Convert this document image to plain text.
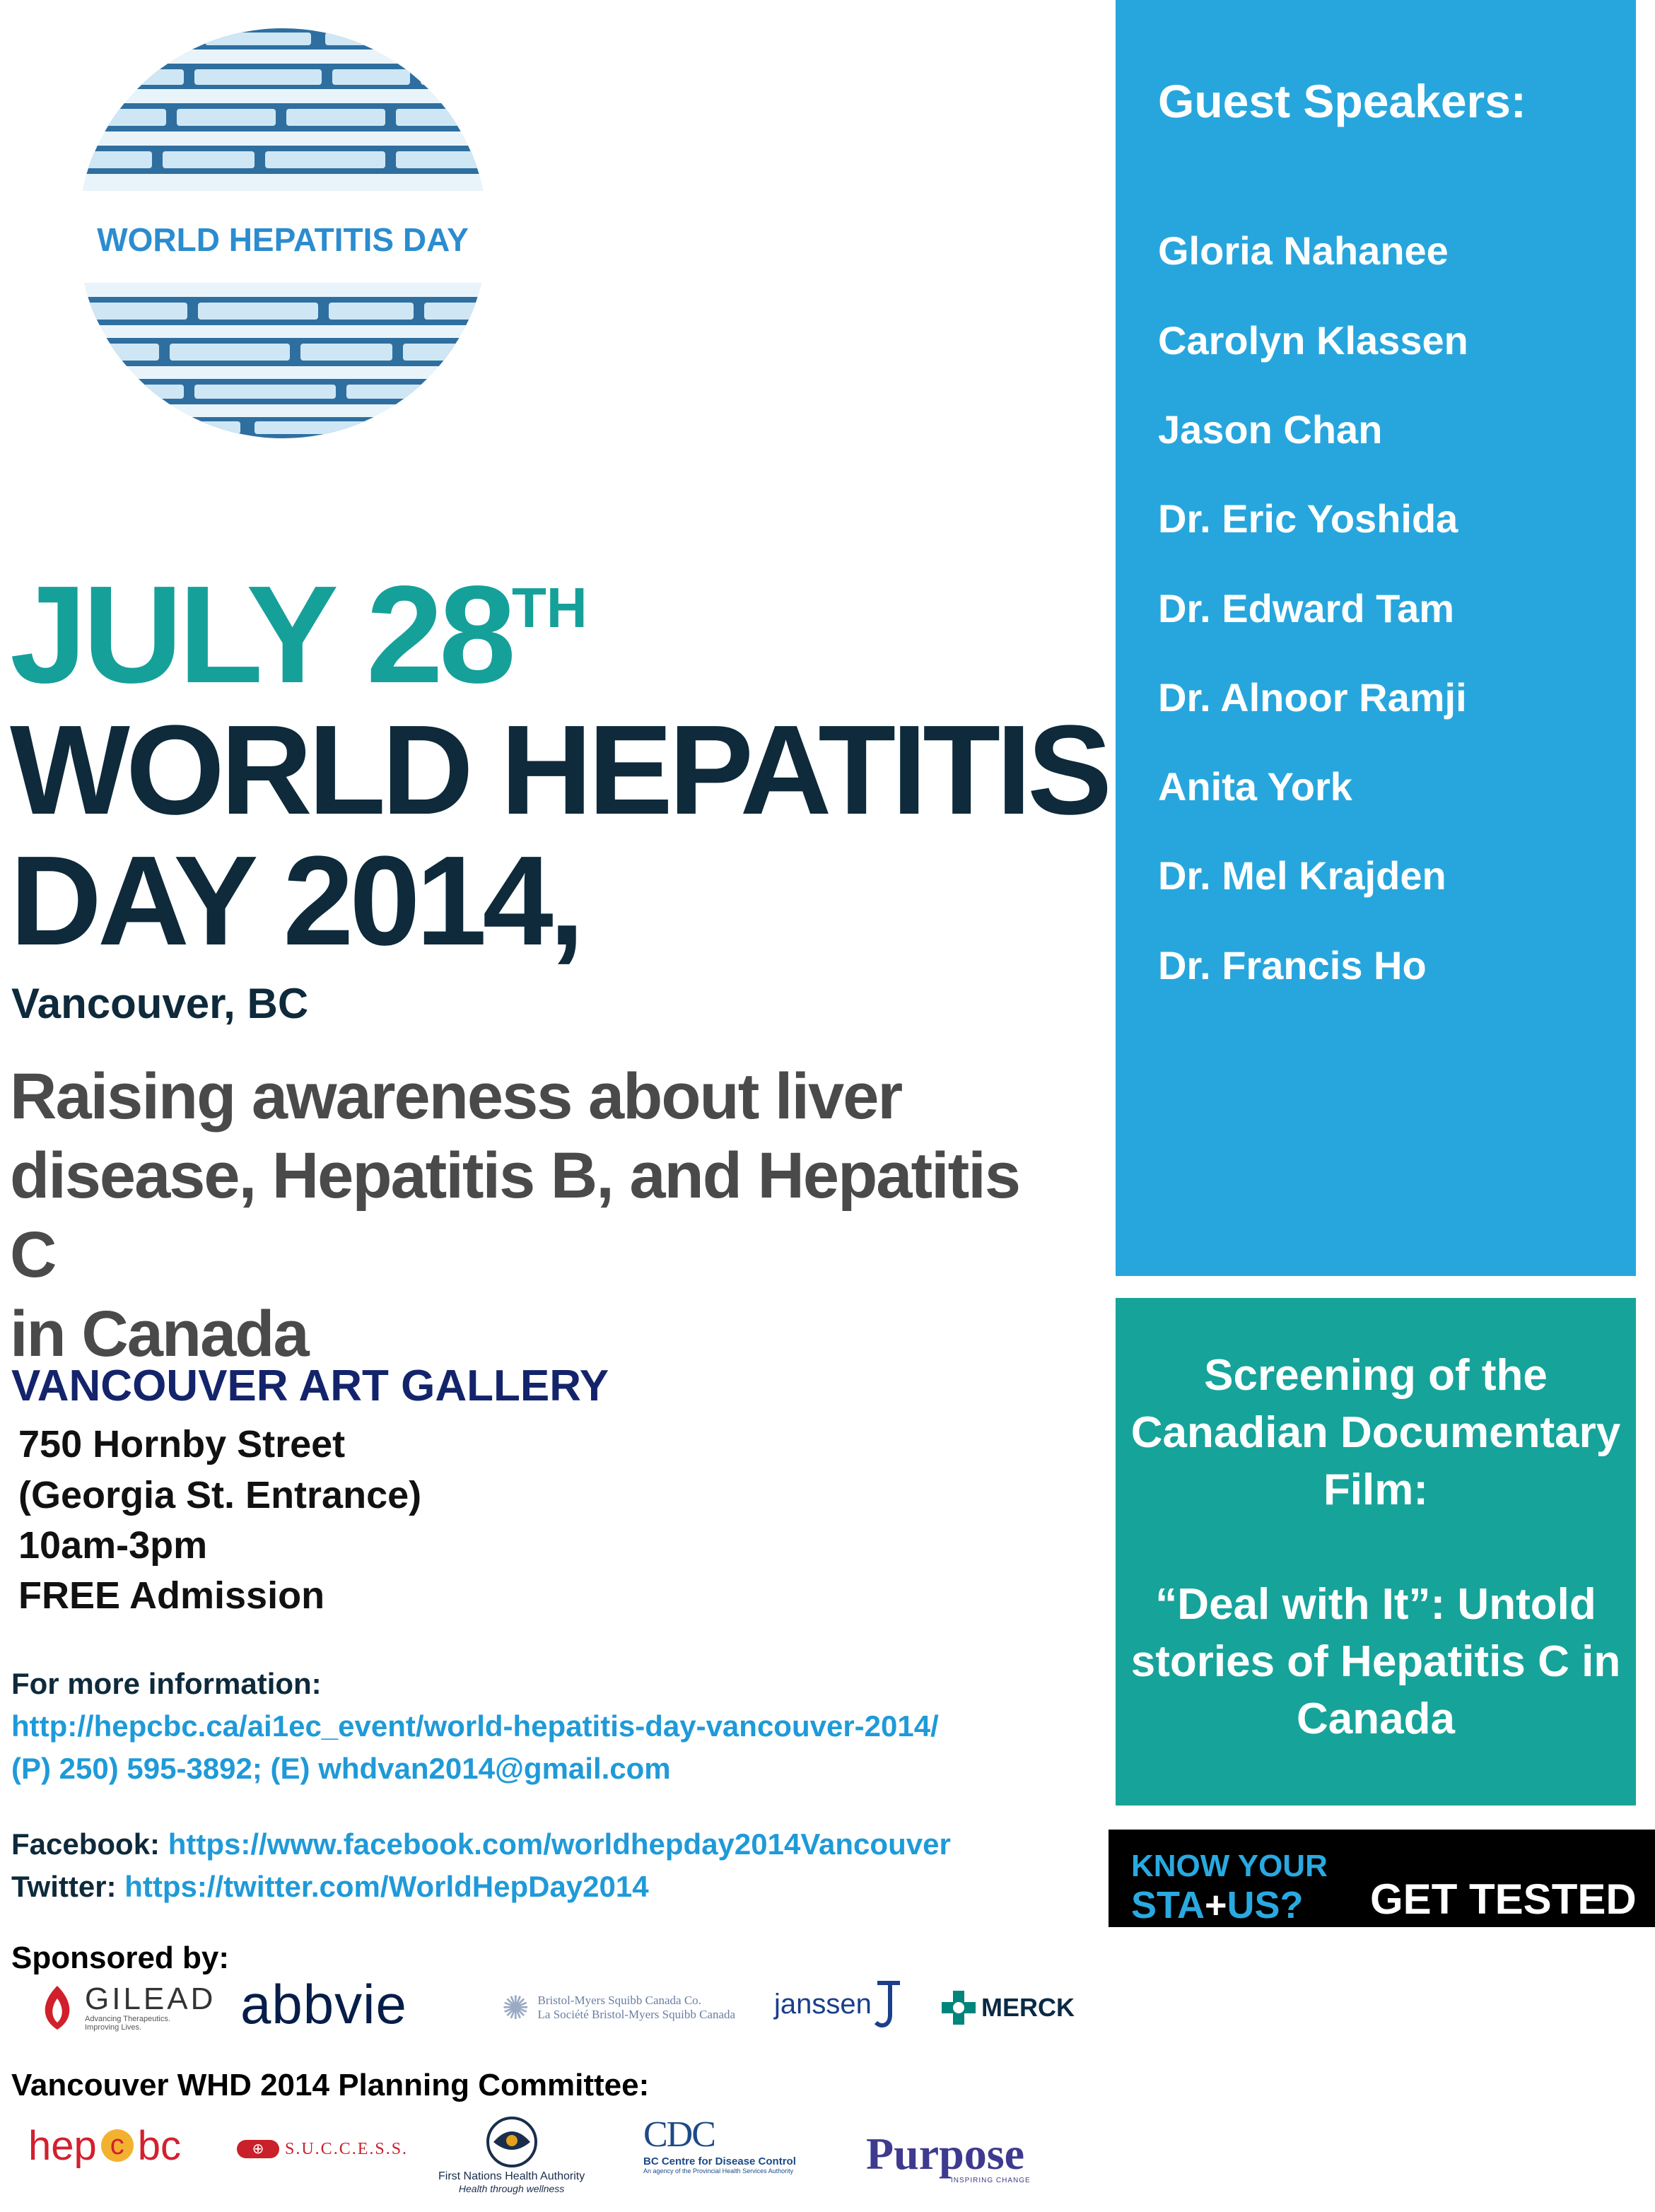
WORLD HEPATITIS DAY
JULY 28TH
WORLD HEPATITIS
DAY 2014,
Vancouver, BC
Raising awareness about liver
disease, Hepatitis B, and Hepatitis C
in Canada
VANCOUVER ART GALLERY
750 Hornby Street
(Georgia St. Entrance)
10am-3pm
FREE Admission
For more information:
http://hepcbc.ca/ai1ec_event/world-hepatitis-day-vancouver-2014/
(P) 250) 595-3892; (E) whdvan2014@gmail.com
Facebook: https://www.facebook.com/worldhepday2014Vancouver
Twitter: https://twitter.com/WorldHepDay2014
Sponsored by:
GILEAD
Advancing Therapeutics.
Improving Lives.	abbvie	✺ Bristol-Myers Squibb Canada Co.
La Société Bristol-Myers Squibb Canada janssen	MERCK
Vancouver WHD 2014 Planning Committee:
hep c bc	⊕	S.U.C.C.E.S.S.
First Nations Health Authority
Health through wellness
CDC
BC Centre for Disease Control
An agency of the Provincial Health Services Authority Purpose
INSPIRING CHANGE
Guest Speakers:
Gloria Nahanee
Carolyn Klassen
Jason Chan
Dr. Eric Yoshida
Dr. Edward Tam
Dr. Alnoor Ramji
Anita York
Dr. Mel Krajden
Dr. Francis Ho
Screening of the
Canadian Documentary
Film:
“Deal with It”: Untold
stories of Hepatitis C in
Canada
KNOW YOUR
STA+US? GET TESTED
